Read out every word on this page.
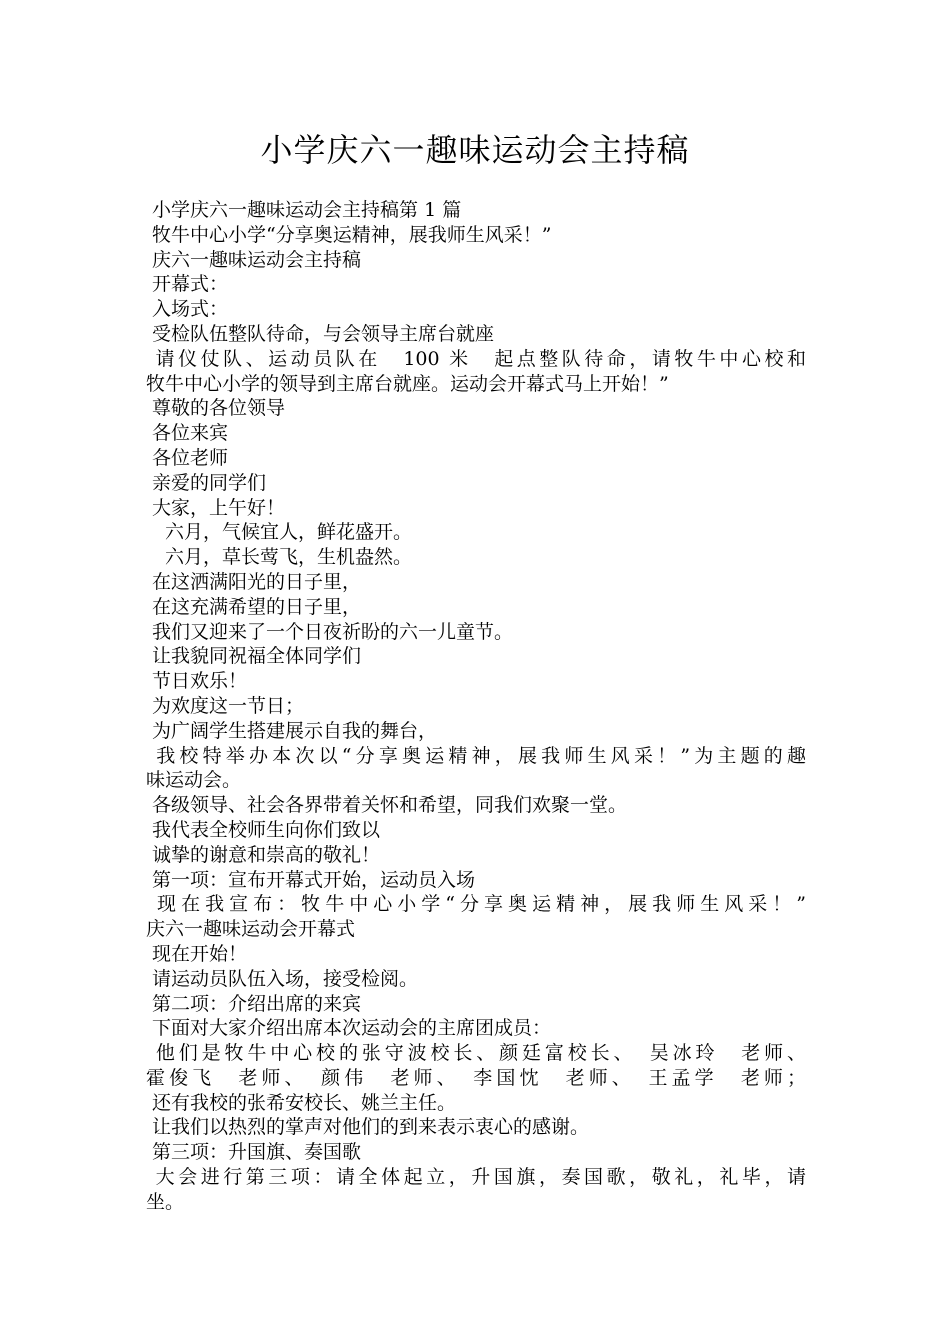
小学庆六一趣味运动会主持稿
小学庆六一趣味运动会主持稿第 1 篇
牧牛中心小学“分享奥运精神，展我师生风采！”
庆六一趣味运动会主持稿
开幕式：
入场式：
受检队伍整队待命，与会领导主席台就座
请仪仗队、运动员队在　100 米　起点整队待命，请牧牛中心校和
牧牛中心小学的领导到主席台就座。运动会开幕式马上开始！”
尊敬的各位领导
各位来宾
各位老师
亲爱的同学们
大家，上午好！
　六月，气候宜人，鲜花盛开。
　六月，草长莺飞，生机盎然。
在这洒满阳光的日子里，
在这充满希望的日子里，
我们又迎来了一个日夜祈盼的六一儿童节。
让我貌同祝福全体同学们
节日欢乐！
为欢度这一节日；
为广阔学生搭建展示自我的舞台，
我校特举办本次以“分享奥运精神，展我师生风采！”为主题的趣
味运动会。
各级领导、社会各界带着关怀和希望，同我们欢聚一堂。
我代表全校师生向你们致以
诚挚的谢意和崇高的敬礼！
第一项：宣布开幕式开始，运动员入场
现在我宣布：牧牛中心小学“分享奥运精神，展我师生风采！”
庆六一趣味运动会开幕式
现在开始！
请运动员队伍入场，接受检阅。
第二项：介绍出席的来宾
下面对大家介绍出席本次运动会的主席团成员：
他们是牧牛中心校的张守波校长、颜廷富校长、　吴冰玲　老师、
霍俊飞　老师、　颜伟　老师、　李国忱　老师、　王孟学　老师；
还有我校的张希安校长、姚兰主任。
让我们以热烈的掌声对他们的到来表示衷心的感谢。
第三项：升国旗、奏国歌
大会进行第三项：请全体起立，升国旗，奏国歌，敬礼，礼毕，请
坐。
